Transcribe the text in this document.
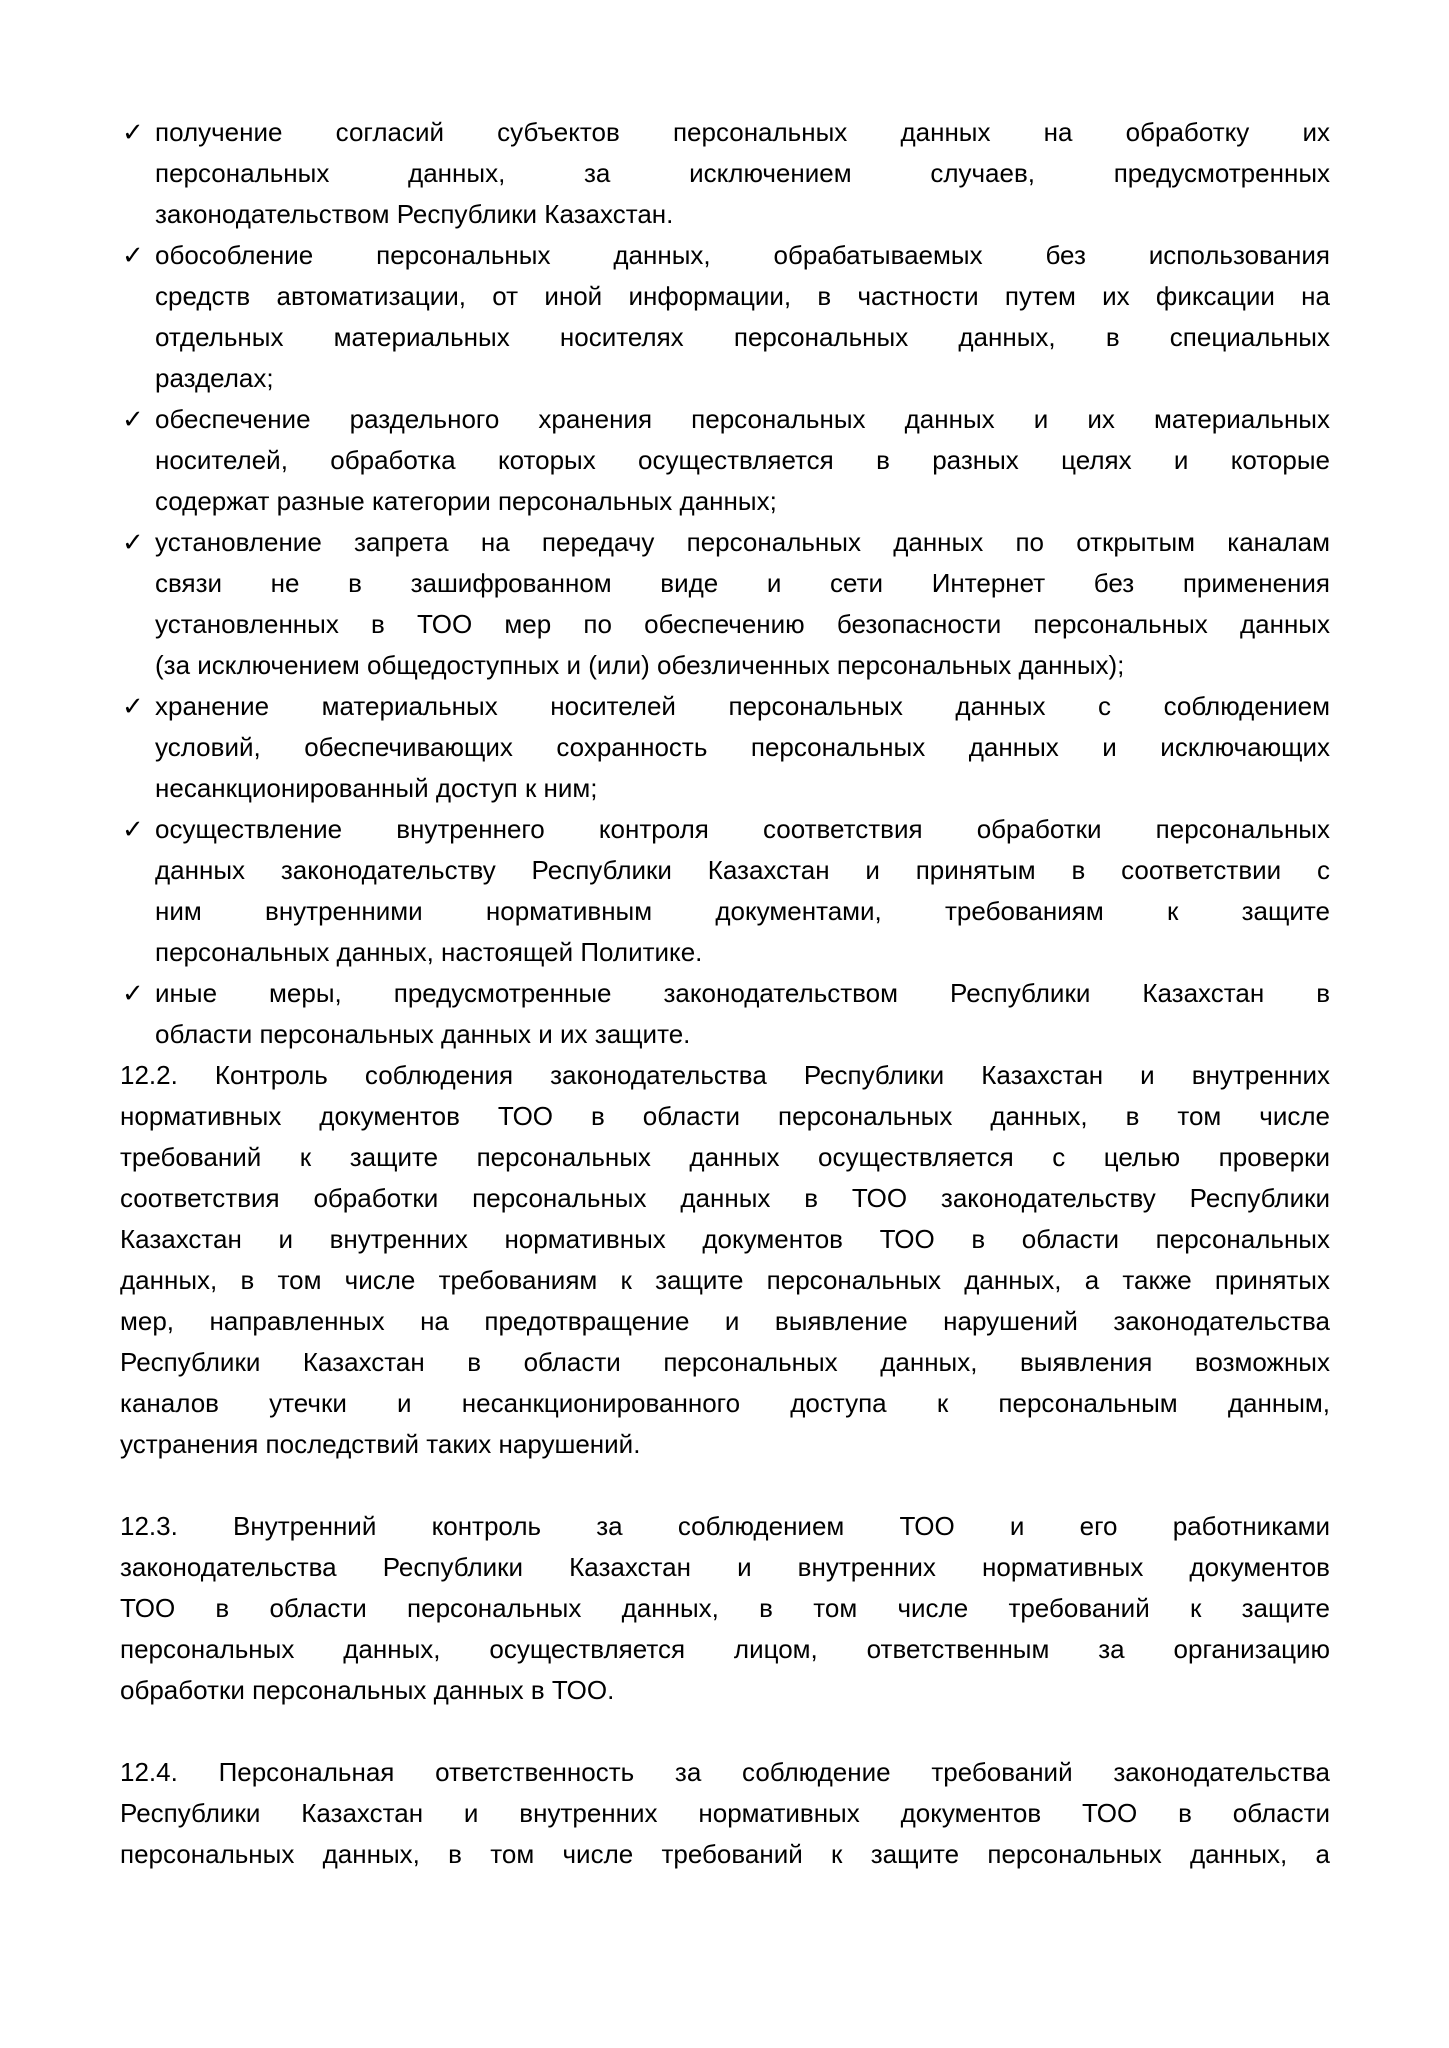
✓ получение согласий субъектов персональных данных на обработку их
персональных данных, за исключением случаев, предусмотренных
законодательством Республики Казахстан.
✓ обособление персональных данных, обрабатываемых без использования
средств автоматизации, от иной информации, в частности путем их фиксации на
отдельных материальных носителях персональных данных, в специальных
разделах;
✓ обеспечение раздельного хранения персональных данных и их материальных
носителей, обработка которых осуществляется в разных целях и которые
содержат разные категории персональных данных;
✓ установление запрета на передачу персональных данных по открытым каналам
связи не в зашифрованном виде и сети Интернет без применения
установленных в ТОО мер по обеспечению безопасности персональных данных
(за исключением общедоступных и (или) обезличенных персональных данных);
✓ хранение материальных носителей персональных данных с соблюдением
условий, обеспечивающих сохранность персональных данных и исключающих
несанкционированный доступ к ним;
✓ осуществление внутреннего контроля соответствия обработки персональных
данных законодательству Республики Казахстан и принятым в соответствии с
ним внутренними нормативным документами, требованиям к защите
персональных данных, настоящей Политике.
✓ иные меры, предусмотренные законодательством Республики Казахстан в
области персональных данных и их защите.
12.2. Контроль соблюдения законодательства Республики Казахстан и внутренних
нормативных документов ТОО в области персональных данных, в том числе
требований к защите персональных данных осуществляется с целью проверки
соответствия обработки персональных данных в ТОО законодательству Республики
Казахстан и внутренних нормативных документов ТОО в области персональных
данных, в том числе требованиям к защите персональных данных, а также принятых
мер, направленных на предотвращение и выявление нарушений законодательства
Республики Казахстан в области персональных данных, выявления возможных
каналов утечки и несанкционированного доступа к персональным данным,
устранения последствий таких нарушений.
12.3. Внутренний контроль за соблюдением ТОО и его работниками
законодательства Республики Казахстан и внутренних нормативных документов
ТОО в области персональных данных, в том числе требований к защите
персональных данных, осуществляется лицом, ответственным за организацию
обработки персональных данных в ТОО.
12.4. Персональная ответственность за соблюдение требований законодательства
Республики Казахстан и внутренних нормативных документов ТОО в области
персональных данных, в том числе требований к защите персональных данных, а
